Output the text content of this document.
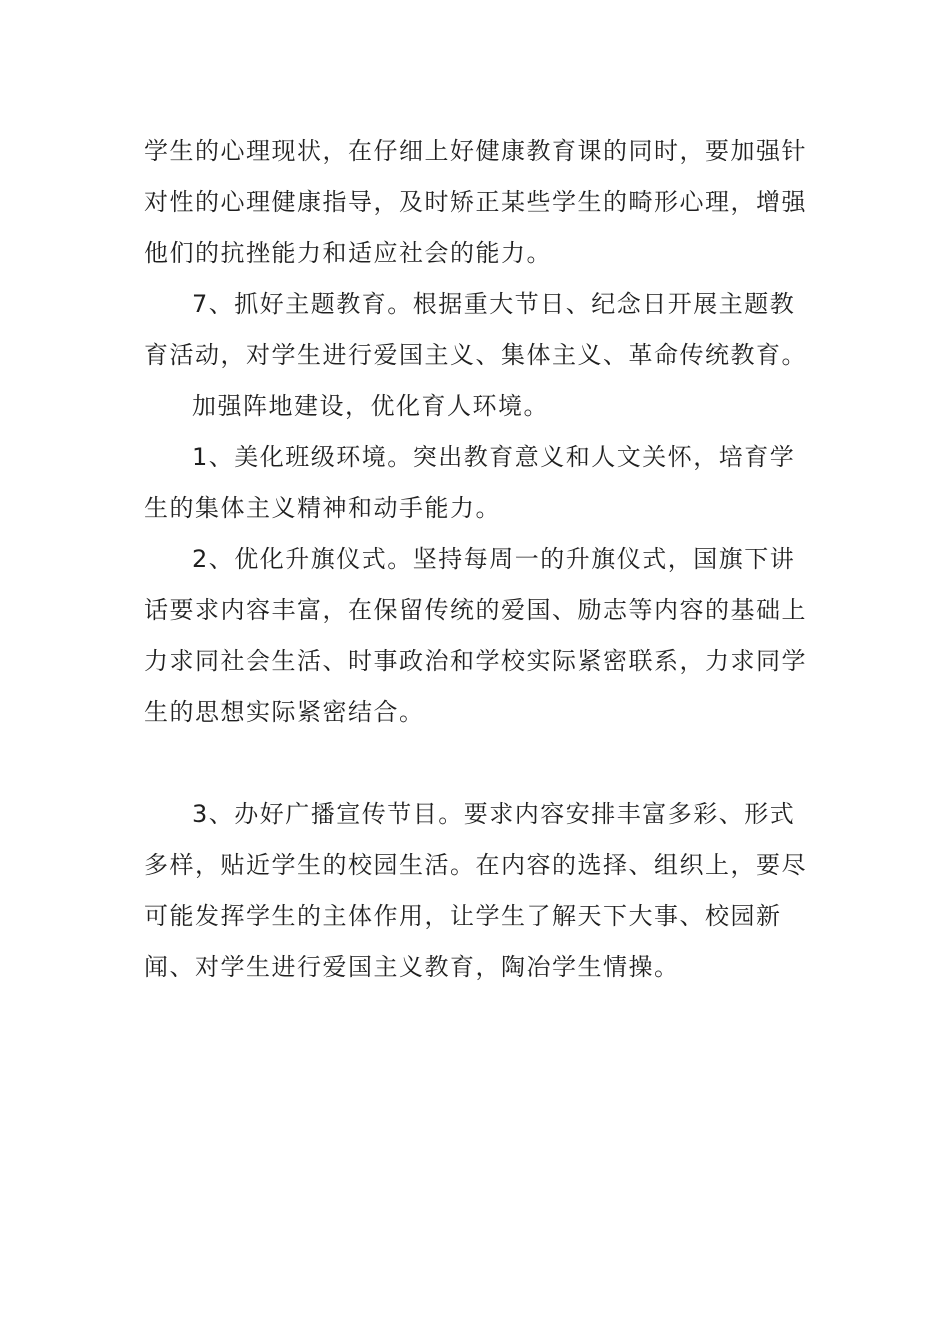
学生的心理现状，在仔细上好健康教育课的同时，要加强针对性的心理健康指导，及时矫正某些学生的畸形心理，增强他们的抗挫能力和适应社会的能力。

7、抓好主题教育。根据重大节日、纪念日开展主题教育活动，对学生进行爱国主义、集体主义、革命传统教育。

加强阵地建设，优化育人环境。

1、美化班级环境。突出教育意义和人文关怀，培育学生的集体主义精神和动手能力。

2、优化升旗仪式。坚持每周一的升旗仪式，国旗下讲话要求内容丰富，在保留传统的爱国、励志等内容的基础上力求同社会生活、时事政治和学校实际紧密联系，力求同学生的思想实际紧密结合。

3、办好广播宣传节目。要求内容安排丰富多彩、形式多样，贴近学生的校园生活。在内容的选择、组织上，要尽可能发挥学生的主体作用，让学生了解天下大事、校园新闻、对学生进行爱国主义教育，陶冶学生情操。
